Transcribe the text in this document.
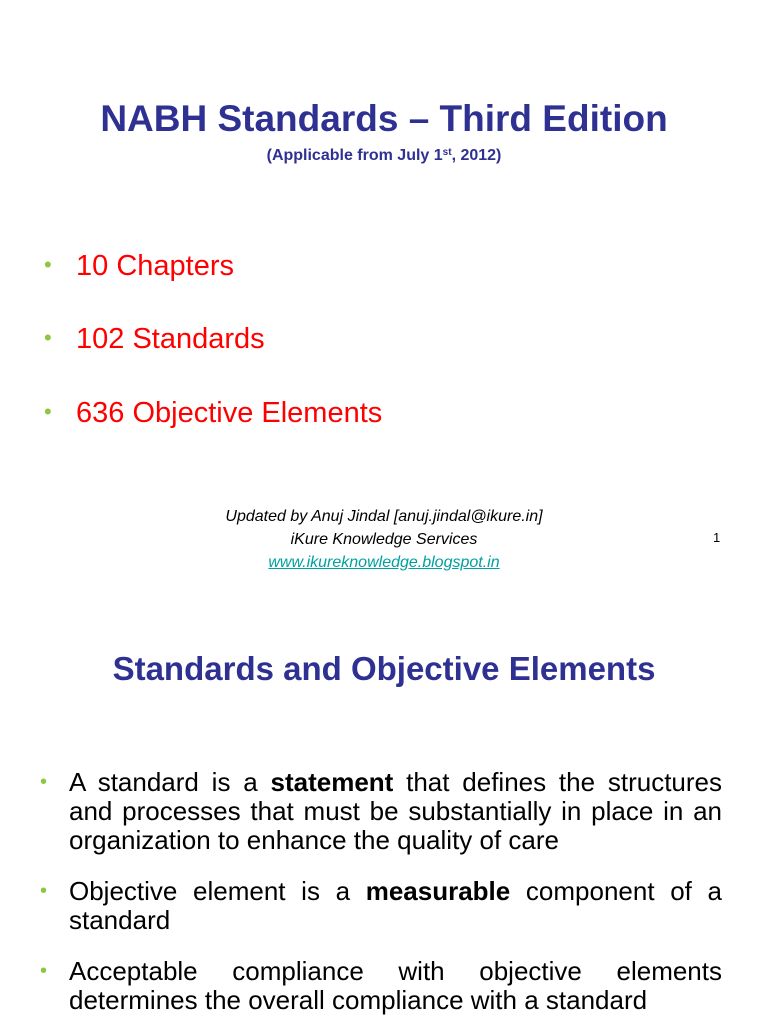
NABH Standards – Third Edition
(Applicable from July 1st, 2012)
• 10 Chapters
• 102 Standards
• 636 Objective Elements
Updated by Anuj Jindal [anuj.jindal@ikure.in]
iKure Knowledge Services
www.ikureknowledge.blogspot.in
1
Standards and Objective Elements
• A standard is a statement that defines the structures and processes that must be substantially in place in an organization to enhance the quality of care
• Objective element is a measurable component of a standard
• Acceptable compliance with objective elements determines the overall compliance with a standard
